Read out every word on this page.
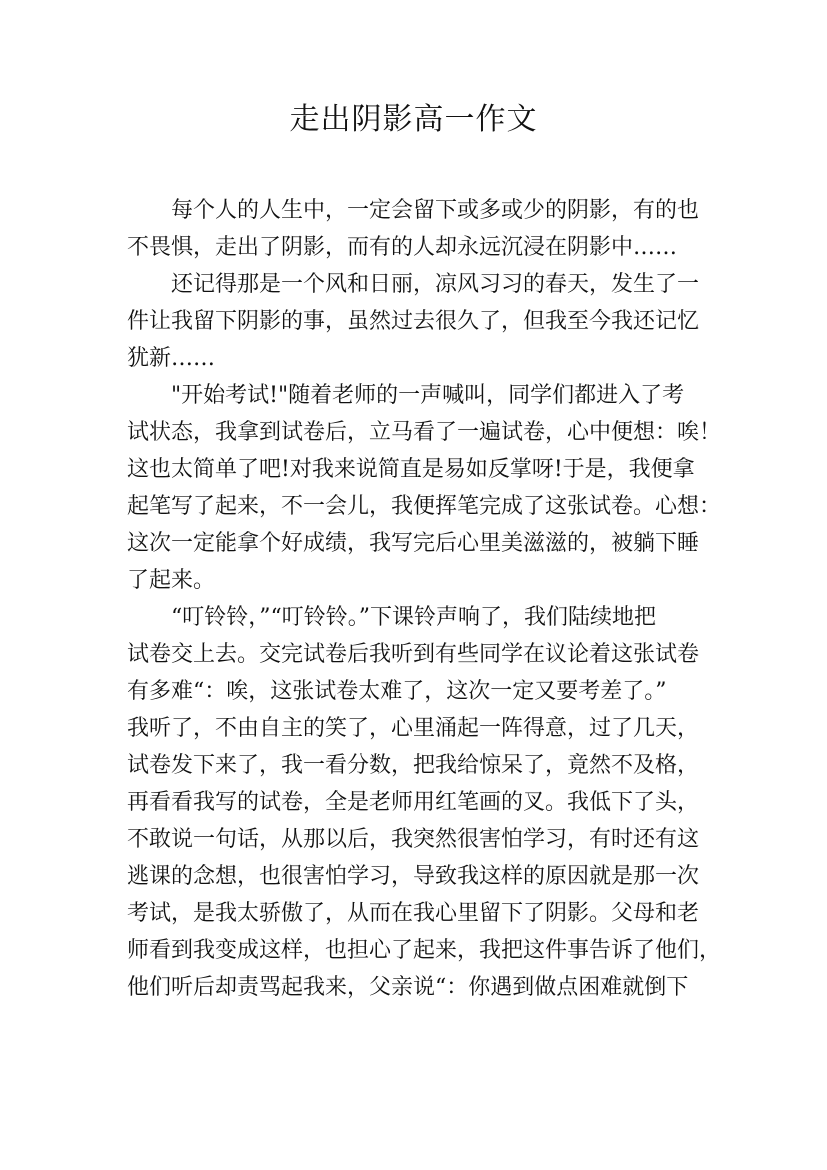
走出阴影高一作文
每个人的人生中，一定会留下或多或少的阴影，有的也
不畏惧，走出了阴影，而有的人却永远沉浸在阴影中……
还记得那是一个风和日丽，凉风习习的春天，发生了一
件让我留下阴影的事，虽然过去很久了，但我至今我还记忆
犹新……
"开始考试!"随着老师的一声喊叫，同学们都进入了考
试状态，我拿到试卷后，立马看了一遍试卷，心中便想：唉！
这也太简单了吧!对我来说简直是易如反掌呀!于是，我便拿
起笔写了起来，不一会儿，我便挥笔完成了这张试卷。心想：
这次一定能拿个好成绩，我写完后心里美滋滋的，被躺下睡
了起来。
“叮铃铃，”“叮铃铃。”下课铃声响了，我们陆续地把
试卷交上去。交完试卷后我听到有些同学在议论着这张试卷
有多难“：唉，这张试卷太难了，这次一定又要考差了。”
我听了，不由自主的笑了，心里涌起一阵得意，过了几天，
试卷发下来了，我一看分数，把我给惊呆了，竟然不及格，
再看看我写的试卷，全是老师用红笔画的叉。我低下了头，
不敢说一句话，从那以后，我突然很害怕学习，有时还有这
逃课的念想，也很害怕学习，导致我这样的原因就是那一次
考试，是我太骄傲了，从而在我心里留下了阴影。父母和老
师看到我变成这样，也担心了起来，我把这件事告诉了他们，
他们听后却责骂起我来，父亲说“：你遇到做点困难就倒下
